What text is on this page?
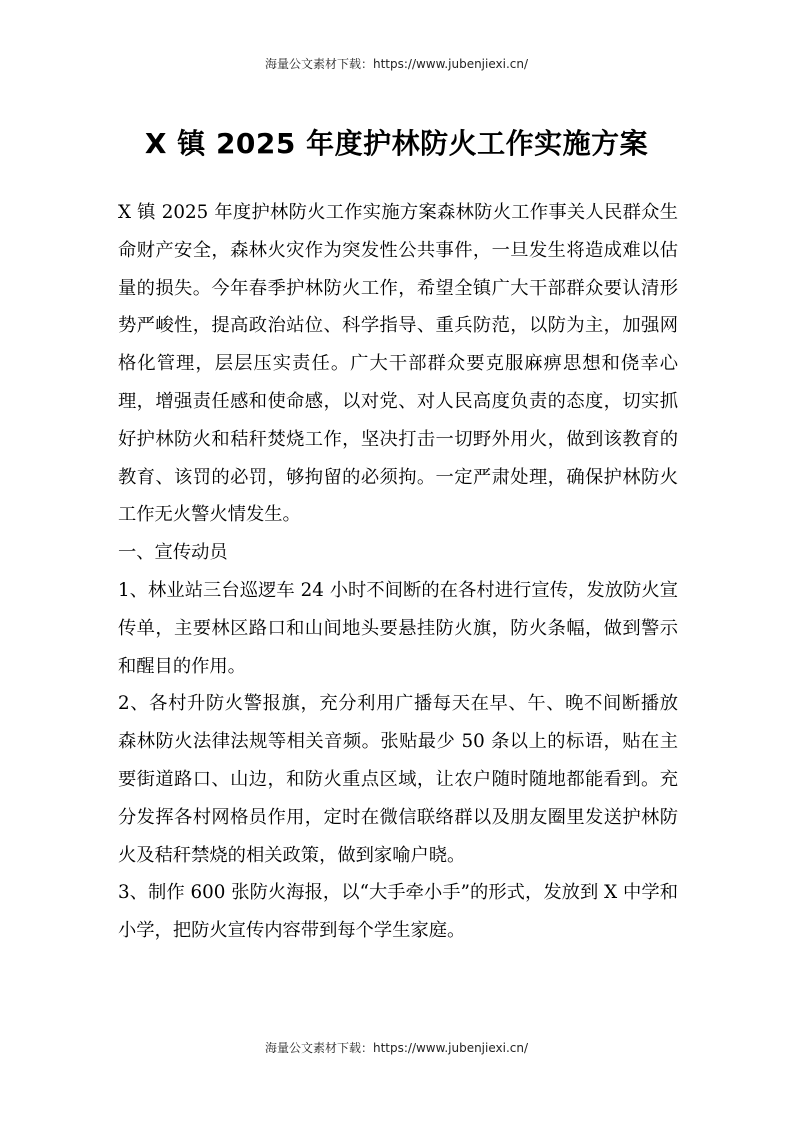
海量公文素材下载：https://www.jubenjiexi.cn/
X 镇 2025 年度护林防火工作实施方案

X 镇 2025 年度护林防火工作实施方案森林防火工作事关人民群众生命财产安全，森林火灾作为突发性公共事件，一旦发生将造成难以估量的损失。今年春季护林防火工作，希望全镇广大干部群众要认清形势严峻性，提高政治站位、科学指导、重兵防范，以防为主，加强网格化管理，层层压实责任。广大干部群众要克服麻痹思想和侥幸心理，增强责任感和使命感，以对党、对人民高度负责的态度，切实抓好护林防火和秸秆焚烧工作，坚决打击一切野外用火，做到该教育的教育、该罚的必罚，够拘留的必须拘。一定严肃处理，确保护林防火工作无火警火情发生。

一、宣传动员

1、林业站三台巡逻车 24 小时不间断的在各村进行宣传，发放防火宣传单，主要林区路口和山间地头要悬挂防火旗，防火条幅，做到警示和醒目的作用。

2、各村升防火警报旗，充分利用广播每天在早、午、晚不间断播放森林防火法律法规等相关音频。张贴最少 50 条以上的标语，贴在主要街道路口、山边，和防火重点区域，让农户随时随地都能看到。充分发挥各村网格员作用，定时在微信联络群以及朋友圈里发送护林防火及秸秆禁烧的相关政策，做到家喻户晓。

3、制作 600 张防火海报，以“大手牵小手”的形式，发放到 X 中学和小学，把防火宣传内容带到每个学生家庭。

海量公文素材下载：https://www.jubenjiexi.cn/
